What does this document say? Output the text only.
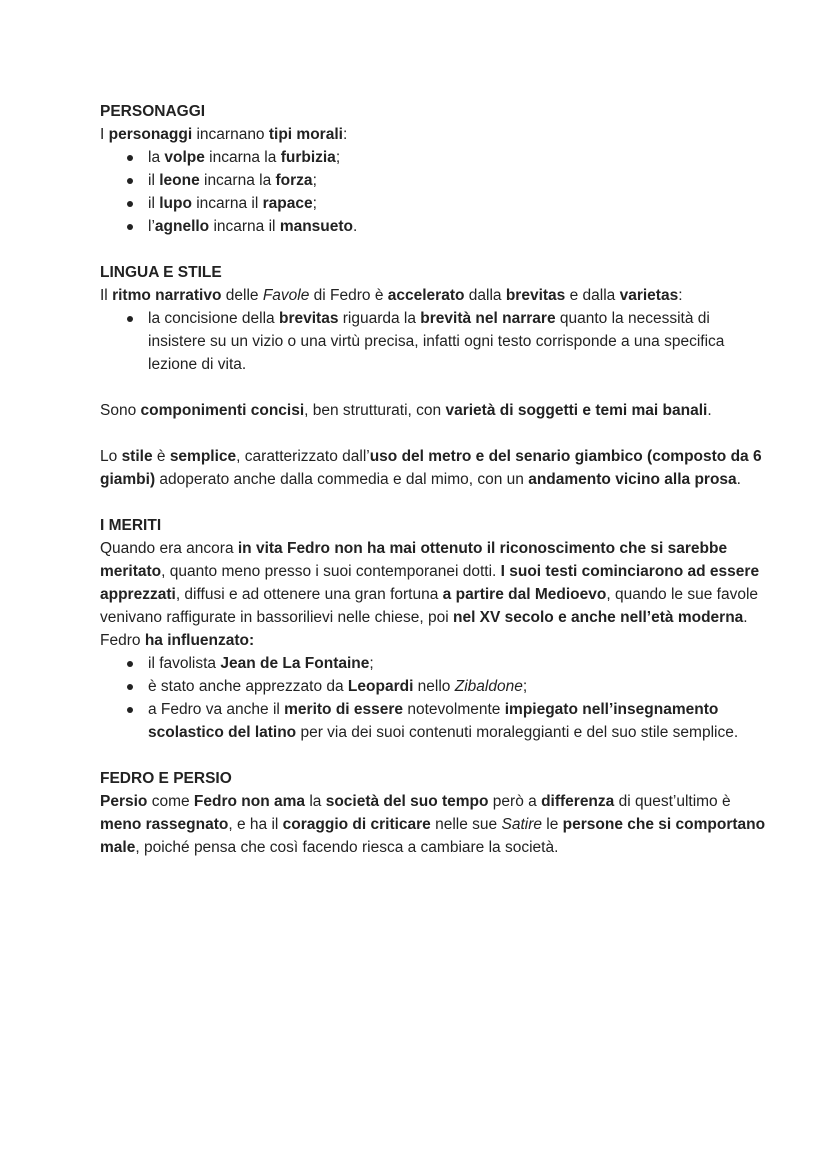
PERSONAGGI

I personaggi incarnano tipi morali:

la volpe incarna la furbizia;
il leone incarna la forza;
il lupo incarna il rapace;
l’agnello incarna il mansueto.
LINGUA E STILE

Il ritmo narrativo delle Favole di Fedro è accelerato dalla brevitas e dalla varietas:

la concisione della brevitas riguarda la brevità nel narrare quanto la necessità di insistere su un vizio o una virtù precisa, infatti ogni testo corrisponde a una specifica lezione di vita.

Sono componimenti concisi, ben strutturati, con varietà di soggetti e temi mai banali.

Lo stile è semplice, caratterizzato dall’uso del metro e del senario giambico (composto da 6 giambi) adoperato anche dalla commedia e dal mimo, con un andamento vicino alla prosa.

I MERITI

Quando era ancora in vita Fedro non ha mai ottenuto il riconoscimento che si sarebbe meritato, quanto meno presso i suoi contemporanei dotti. I suoi testi cominciarono ad essere apprezzati, diffusi e ad ottenere una gran fortuna a partire dal Medioevo, quando le sue favole venivano raffigurate in bassorilievi nelle chiese, poi nel XV secolo e anche nell’età moderna.

Fedro ha influenzato:

il favolista Jean de La Fontaine;
è stato anche apprezzato da Leopardi nello Zibaldone;
a Fedro va anche il merito di essere notevolmente impiegato nell’insegnamento scolastico del latino per via dei suoi contenuti moraleggianti e del suo stile semplice.
FEDRO E PERSIO

Persio come Fedro non ama la società del suo tempo però a differenza di quest’ultimo è meno rassegnato, e ha il coraggio di criticare nelle sue Satire le persone che si comportano male, poiché pensa che così facendo riesca a cambiare la società.
